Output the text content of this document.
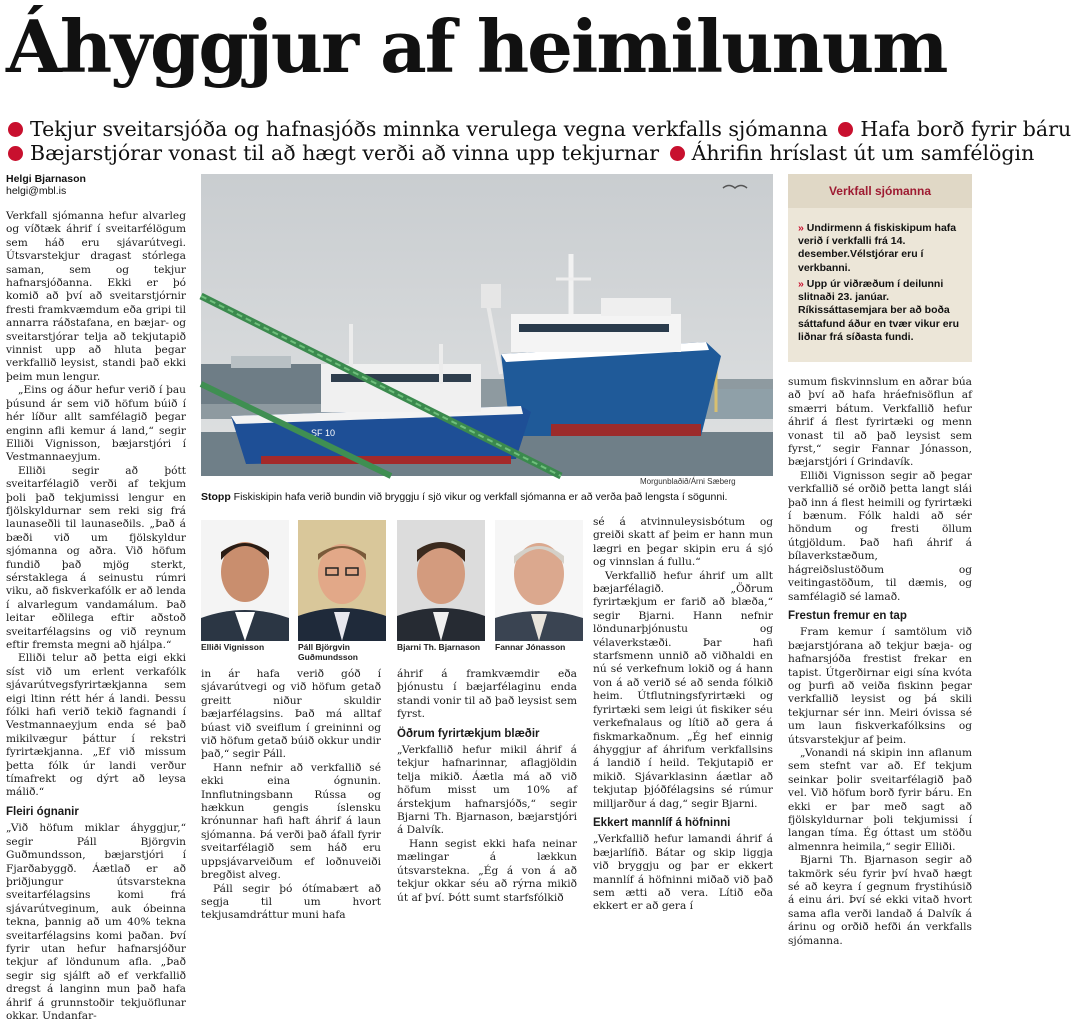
Áhyggjur af heimilunum
Tekjur sveitarsjóða og hafnasjóðs minnka verulega vegna verkfalls sjómanna Hafa borð fyrir báru
Bæjarstjórar vonast til að hægt verði að vinna upp tekjurnar Áhrifin hríslast út um samfélögin
Helgi Bjarnason
helgi@mbl.is
SF 10
Morgunblaðið/Árni Sæberg
Stopp Fiskiskipin hafa verið bundin við bryggju í sjö vikur og verkfall sjómanna er að verða það lengsta í sögunni.
Verkfall sjómanna
» Undirmenn á fiskiskipum hafa verið í verkfalli frá 14. desember.Vélstjórar eru í verkbanni.
» Upp úr viðræðum í deilunni slitnaði 23. janúar. Ríkissáttasemjara ber að boða sáttafund áður en tvær vikur eru liðnar frá síðasta fundi.
Elliði Vignisson	Páll Björgvin Guðmundsson
Bjarni Th. Bjarnason	Fannar Jónasson

Verkfall sjómanna hefur alvarleg og víðtæk áhrif í sveitarfélögum sem háð eru sjávarútvegi. Útsvarstekjur dragast stórlega saman, sem og tekjur hafnarsjóðanna. Ekki er þó komið að því að sveitarstjórnir fresti framkvæmdum eða gripi til annarra ráðstafana, en bæjar- og sveitarstjórar telja að tekjutapið vinnist upp að hluta þegar verkfallið leysist, standi það ekki þeim mun lengur.

„Eins og áður hefur verið í þau þúsund ár sem við höfum búið í hér líður allt samfélagið þegar enginn afli kemur á land,“ segir Elliði Vignisson, bæjarstjóri í Vestmannaeyjum.

Elliði segir að þótt sveitarfélagið verði af tekjum þoli það tekjumissi lengur en fjölskyldurnar sem reki sig frá launaseðli til launaseðils. „Það á bæði við um fjölskyldur sjómanna og aðra. Við höfum fundið það mjög sterkt, sérstaklega á seinustu rúmri viku, að fiskverkafólk er að lenda í alvarlegum vandamálum. Það leitar eðlilega eftir aðstoð sveitarfélagsins og við reynum eftir fremsta megni að hjálpa.“

Elliði telur að þetta eigi ekki síst við um erlent verkafólk sjávarútvegsfyrirtækjanna sem eigi ltinn rétt hér á landi. Þessu fólki hafi verið tekið fagnandi í Vestmannaeyjum enda sé það mikilvægur þáttur í rekstri fyrirtækjanna. „Ef við missum þetta fólk úr landi verður tímafrekt og dýrt að leysa málið.“

Fleiri ógnanir

„Við höfum miklar áhyggjur,“ segir Páll Björgvin Guðmundsson, bæjarstjóri í Fjarðabyggð. Áætlað er að þriðjungur útsvarstekna sveitarfélagsins komi frá sjávarútveginum, auk óbeinna tekna, þannig að um 40% tekna sveitarfélagsins komi þaðan. Því fyrir utan hefur hafnarsjóður tekjur af löndunum afla. „Það segir sig sjálft að ef verkfallið dregst á langinn mun það hafa áhrif á grunnstoðir tekjuöflunar okkar. Undanfar-

in ár hafa verið góð í sjávarútvegi og við höfum getað greitt niður skuldir bæjarfélagsins. Það má alltaf búast við sveiflum í greininni og við höfum getað búið okkur undir það,“ segir Páll.

Hann nefnir að verkfallið sé ekki eina ógnunin. Innflutningsbann Rússa og hækkun gengis íslensku krónunnar hafi haft áhrif á laun sjómanna. Þá verði það áfall fyrir sveitarfélagið sem háð eru uppsjávarveiðum ef loðnuveiði bregðist alveg.

Páll segir þó ótímabært að segja til um hvort tekjusamdráttur muni hafa

áhrif á framkvæmdir eða þjónustu í bæjarfélaginu enda standi vonir til að það leysist sem fyrst.

Öðrum fyrirtækjum blæðir

„Verkfallið hefur mikil áhrif á tekjur hafnarinnar, aflagjöldin telja mikið. Áætla má að við höfum misst um 10% af árstekjum hafnarsjóðs,“ segir Bjarni Th. Bjarnason, bæjarstjóri á Dalvík.

Hann segist ekki hafa neinar mælingar á lækkun útsvarstekna. „Ég á von á að tekjur okkar séu að rýrna mikið út af því. Þótt sumt starfsfólkið

sé á atvinnuleysisbótum og greiði skatt af þeim er hann mun lægri en þegar skipin eru á sjó og vinnslan á fullu.“

Verkfallið hefur áhrif um allt bæjarfélagið. „Öðrum fyrirtækjum er farið að blæða,“ segir Bjarni. Hann nefnir löndunarþjónustu og vélaverkstæði. Þar hafi starfsmenn unnið að viðhaldi en nú sé verkefnum lokið og á hann von á að verið sé að senda fólkið heim. Útflutningsfyrirtæki og fyrirtæki sem leigi út fiskiker séu verkefnalaus og lítið að gera á fiskmarkaðnum. „Ég hef einnig áhyggjur af áhrifum verkfallsins á landið í heild. Tekjutapið er mikið. Sjávarklasinn áætlar að tekjutap þjóðfélagsins sé rúmur milljarður á dag,“ segir Bjarni.

Ekkert mannlíf á höfninni

„Verkfallið hefur lamandi áhrif á bæjarlífið. Bátar og skip liggja við bryggju og þar er ekkert mannlíf á höfninni miðað við það sem ætti að vera. Lítið eða ekkert er að gera í

sumum fiskvinnslum en aðrar búa að því að hafa hráefnisöflun af smærri bátum. Verkfallið hefur áhrif á flest fyrirtæki og menn vonast til að það leysist sem fyrst,“ segir Fannar Jónasson, bæjarstjóri í Grindavík.

Elliði Vignisson segir að þegar verkfallið sé orðið þetta langt slái það inn á flest heimili og fyrirtæki í bænum. Fólk haldi að sér höndum og fresti öllum útgjöldum. Það hafi áhrif á bílaverkstæðum, hágreiðslustöðum og veitingastöðum, til dæmis, og samfélagið sé lamað.

Frestun fremur en tap

Fram kemur í samtölum við bæjarstjórana að tekjur bæja- og hafnarsjóða frestist frekar en tapist. Útgerðirnar eigi sína kvóta og þurfi að veiða fiskinn þegar verkfallið leysist og þá skili tekjurnar sér inn. Meiri óvissa sé um laun fiskverkafólksins og útsvarstekjur af þeim.

„Vonandi ná skipin inn aflanum sem stefnt var að. Ef tekjum seinkar þolir sveitarfélagið það vel. Við höfum borð fyrir báru. En ekki er þar með sagt að fjölskyldurnar þoli tekjumissi í langan tíma. Ég óttast um stöðu almennra heimila,“ segir Elliði.

Bjarni Th. Bjarnason segir að takmörk séu fyrir því hvað hægt sé að keyra í gegnum frystihúsið á einu ári. Því sé ekki vitað hvort sama afla verði landað á Dalvík á árinu og orðið hefði án verkfalls sjómanna.
